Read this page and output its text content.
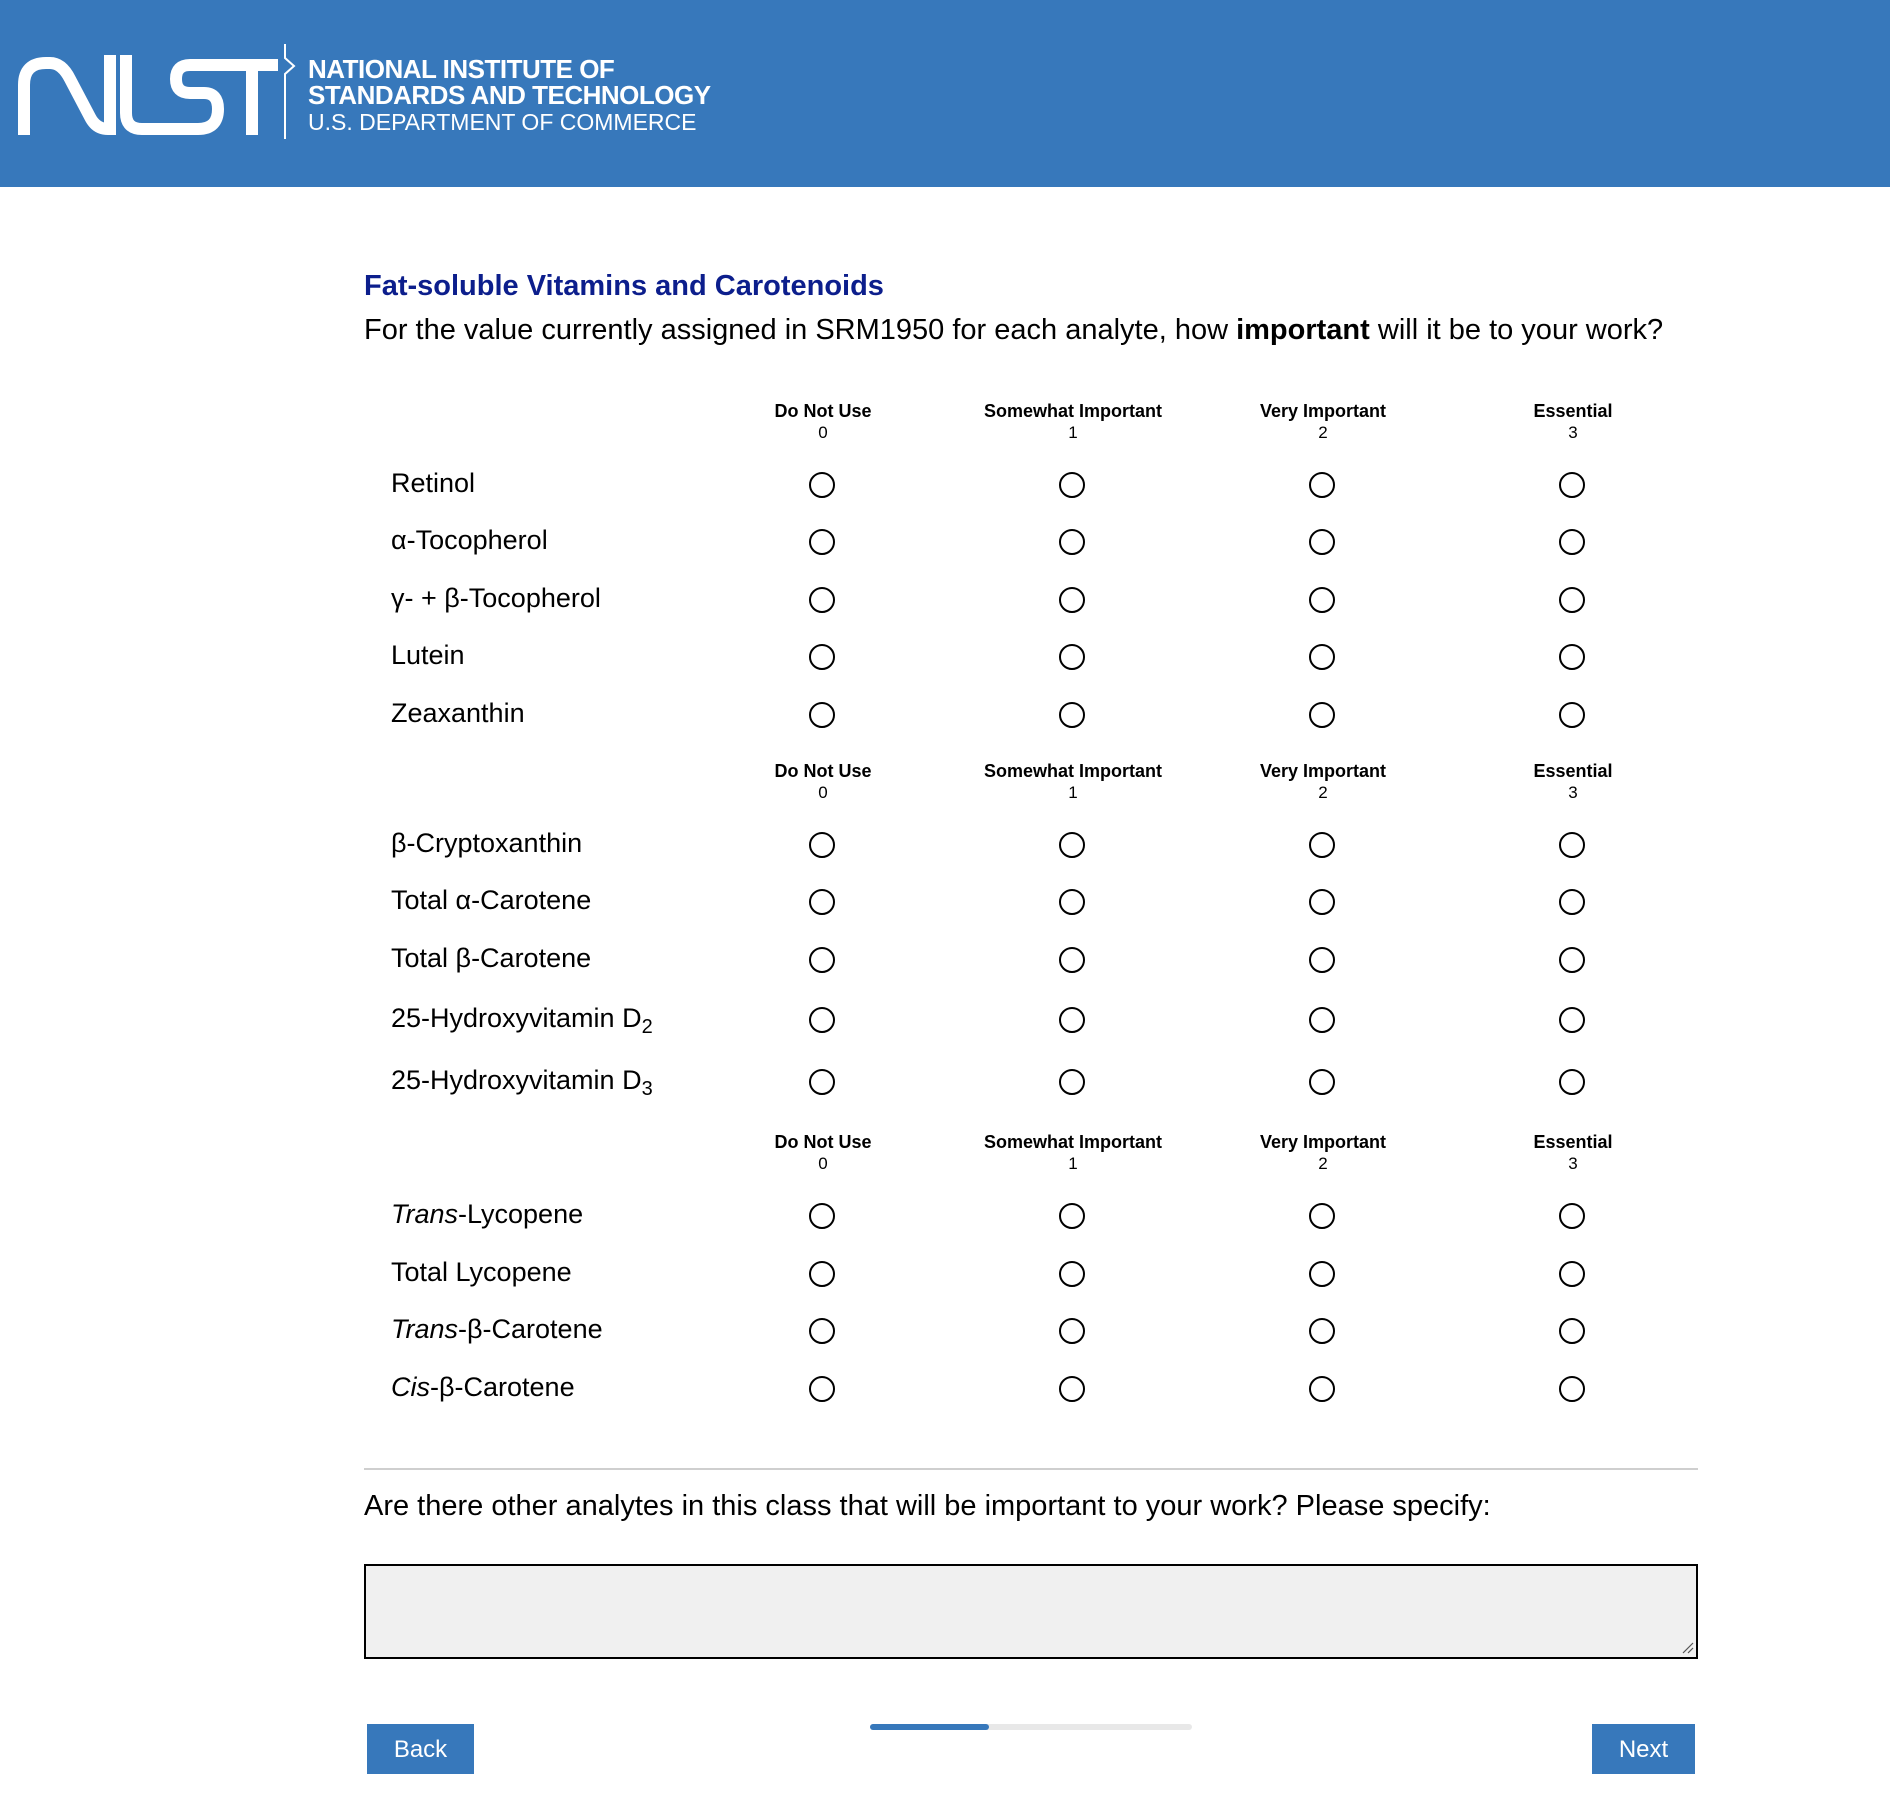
NATIONAL INSTITUTE OF
STANDARDS AND TECHNOLOGY
U.S. DEPARTMENT OF COMMERCE
Fat-soluble Vitamins and Carotenoids
For the value currently assigned in SRM1950 for each analyte, how important will it be to your work?
Do Not Use
0
Somewhat Important
1
Very Important
2
Essential
3
Retinol
α-Tocopherol
γ- + β-Tocopherol
Lutein
Zeaxanthin
Do Not Use
0
Somewhat Important
1
Very Important
2
Essential
3
β-Cryptoxanthin
Total α-Carotene
Total β-Carotene
25-Hydroxyvitamin $D_2$
25-Hydroxyvitamin $D_3$
Do Not Use
0
Somewhat Important
1
Very Important
2
Essential
3
Trans-Lycopene
Total Lycopene
Trans-β-Carotene
Cis-β-Carotene
Are there other analytes in this class that will be important to your work? Please specify:
Back	Next
